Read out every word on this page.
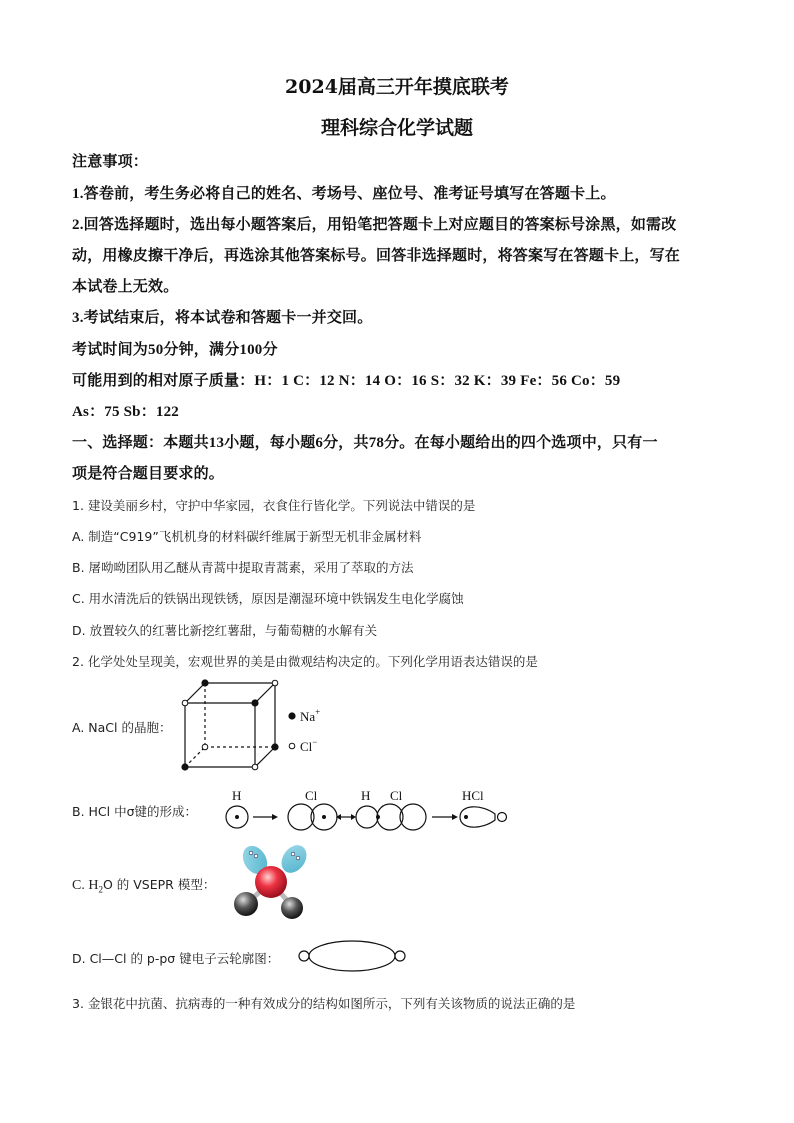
2024届高三开年摸底联考
理科综合化学试题
注意事项：
1.答卷前，考生务必将自己的姓名、考场号、座位号、准考证号填写在答题卡上。
2.回答选择题时，选出每小题答案后，用铅笔把答题卡上对应题目的答案标号涂黑，如需改
动，用橡皮擦干净后，再选涂其他答案标号。回答非选择题时，将答案写在答题卡上，写在
本试卷上无效。
3.考试结束后，将本试卷和答题卡一并交回。
考试时间为50分钟，满分100分
可能用到的相对原子质量：H：1 C：12 N：14 O：16 S：32 K：39 Fe：56 Co：59
As：75 Sb：122
一、选择题：本题共13小题，每小题6分，共78分。在每小题给出的四个选项中，只有一
项是符合题目要求的。
1. 建设美丽乡村，守护中华家园，衣食住行皆化学。下列说法中错误的是
A. 制造“C919”飞机机身的材料碳纤维属于新型无机非金属材料
B. 屠呦呦团队用乙醚从青蒿中提取青蒿素，采用了萃取的方法
C. 用水清洗后的铁锅出现铁锈，原因是潮湿环境中铁锅发生电化学腐蚀
D. 放置较久的红薯比新挖红薯甜，与葡萄糖的水解有关
2. 化学处处呈现美，宏观世界的美是由微观结构决定的。下列化学用语表达错误的是
A. NaCl 的晶胞：
Na+
Cl−
B. HCl 中σ键的形成：
H	Cl	H Cl	HCl
C. $H_2O$ 的 VSEPR 模型：
D. Cl—Cl 的 p-pσ 键电子云轮廓图：
3. 金银花中抗菌、抗病毒的一种有效成分的结构如图所示，下列有关该物质的说法正确的是
